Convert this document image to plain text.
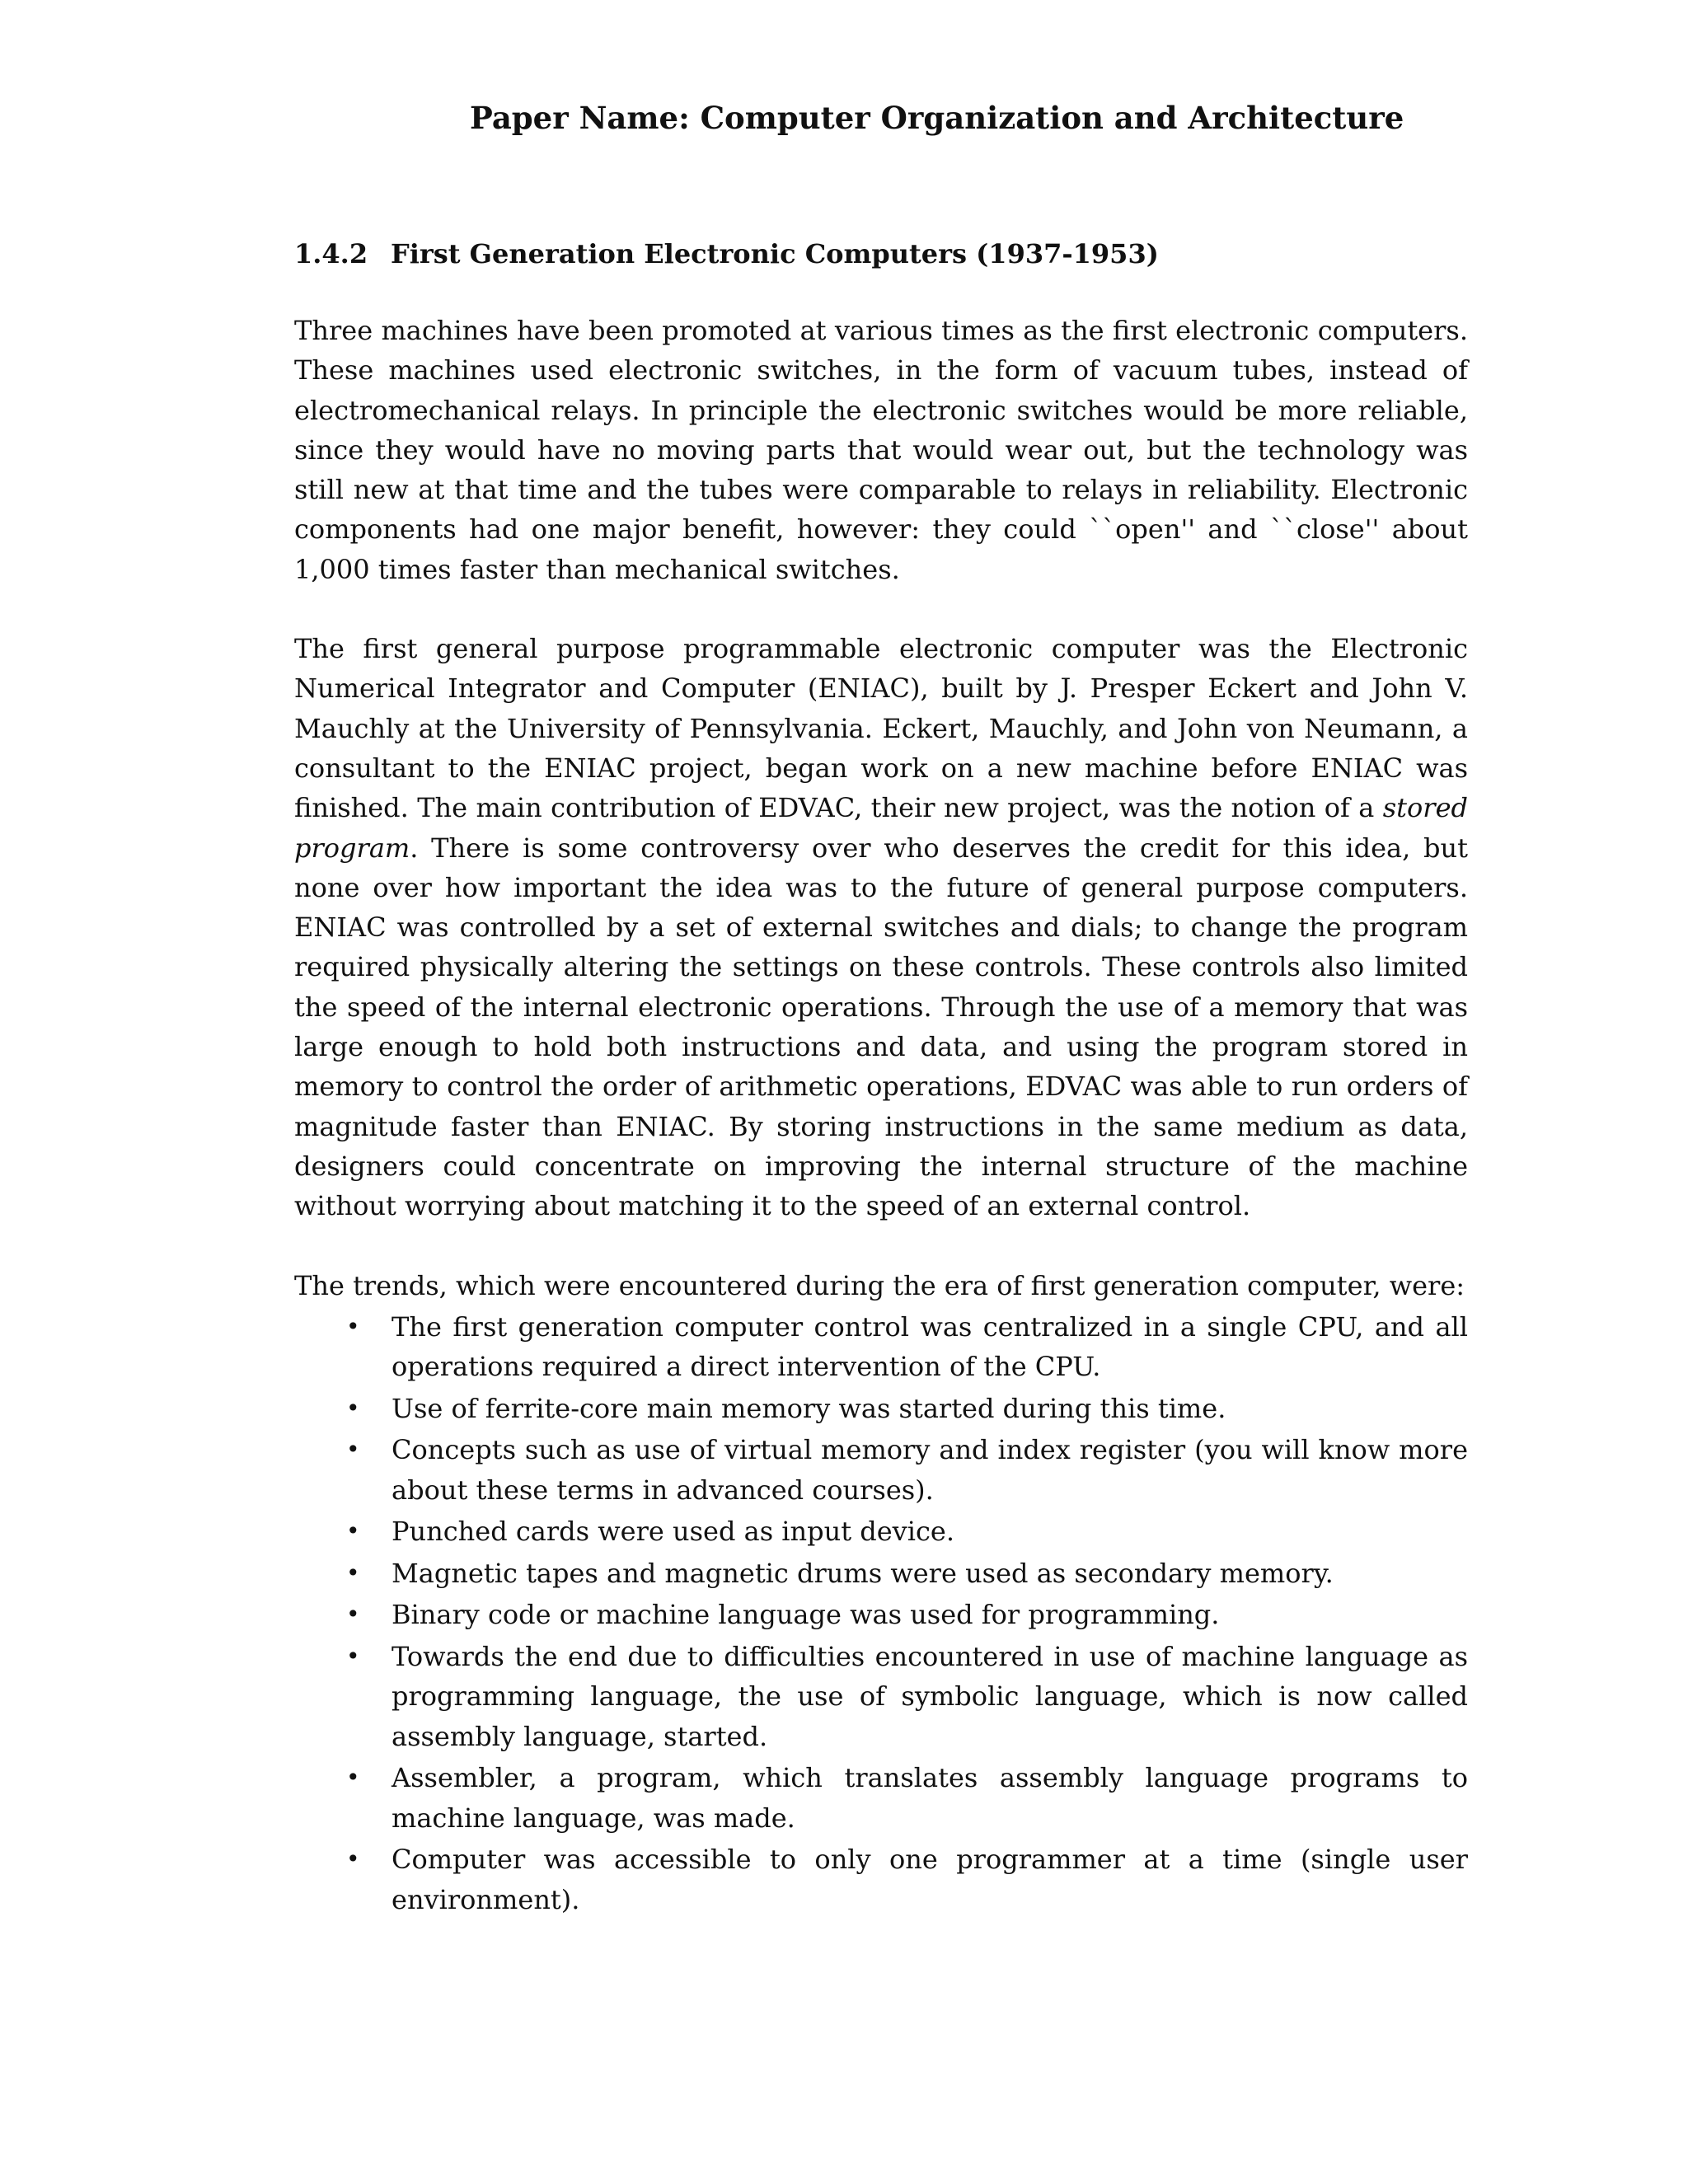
Paper Name: Computer Organization and Architecture
1.4.2 First Generation Electronic Computers (1937-1953)

Three machines have been promoted at various times as the first electronic computers. These machines used electronic switches, in the form of vacuum tubes, instead of electromechanical relays. In principle the electronic switches would be more reliable, since they would have no moving parts that would wear out, but the technology was still new at that time and the tubes were comparable to relays in reliability. Electronic components had one major benefit, however: they could ``open'' and ``close'' about 1,000 times faster than mechanical switches.

The first general purpose programmable electronic computer was the Electronic Numerical Integrator and Computer (ENIAC), built by J. Presper Eckert and John V. Mauchly at the University of Pennsylvania. Eckert, Mauchly, and John von Neumann, a consultant to the ENIAC project, began work on a new machine before ENIAC was finished. The main contribution of EDVAC, their new project, was the notion of a stored program. There is some controversy over who deserves the credit for this idea, but none over how important the idea was to the future of general purpose computers. ENIAC was controlled by a set of external switches and dials; to change the program required physically altering the settings on these controls. These controls also limited the speed of the internal electronic operations. Through the use of a memory that was large enough to hold both instructions and data, and using the program stored in memory to control the order of arithmetic operations, EDVAC was able to run orders of magnitude faster than ENIAC. By storing instructions in the same medium as data, designers could concentrate on improving the internal structure of the machine without worrying about matching it to the speed of an external control.

The trends, which were encountered during the era of first generation computer, were:

• The first generation computer control was centralized in a single CPU, and all operations required a direct intervention of the CPU.
• Use of ferrite-core main memory was started during this time.
• Concepts such as use of virtual memory and index register (you will know more about these terms in advanced courses).
• Punched cards were used as input device.
• Magnetic tapes and magnetic drums were used as secondary memory.
• Binary code or machine language was used for programming.
• Towards the end due to difficulties encountered in use of machine language as programming language, the use of symbolic language, which is now called assembly language, started.
• Assembler, a program, which translates assembly language programs to machine language, was made.
• Computer was accessible to only one programmer at a time (single user environment).
